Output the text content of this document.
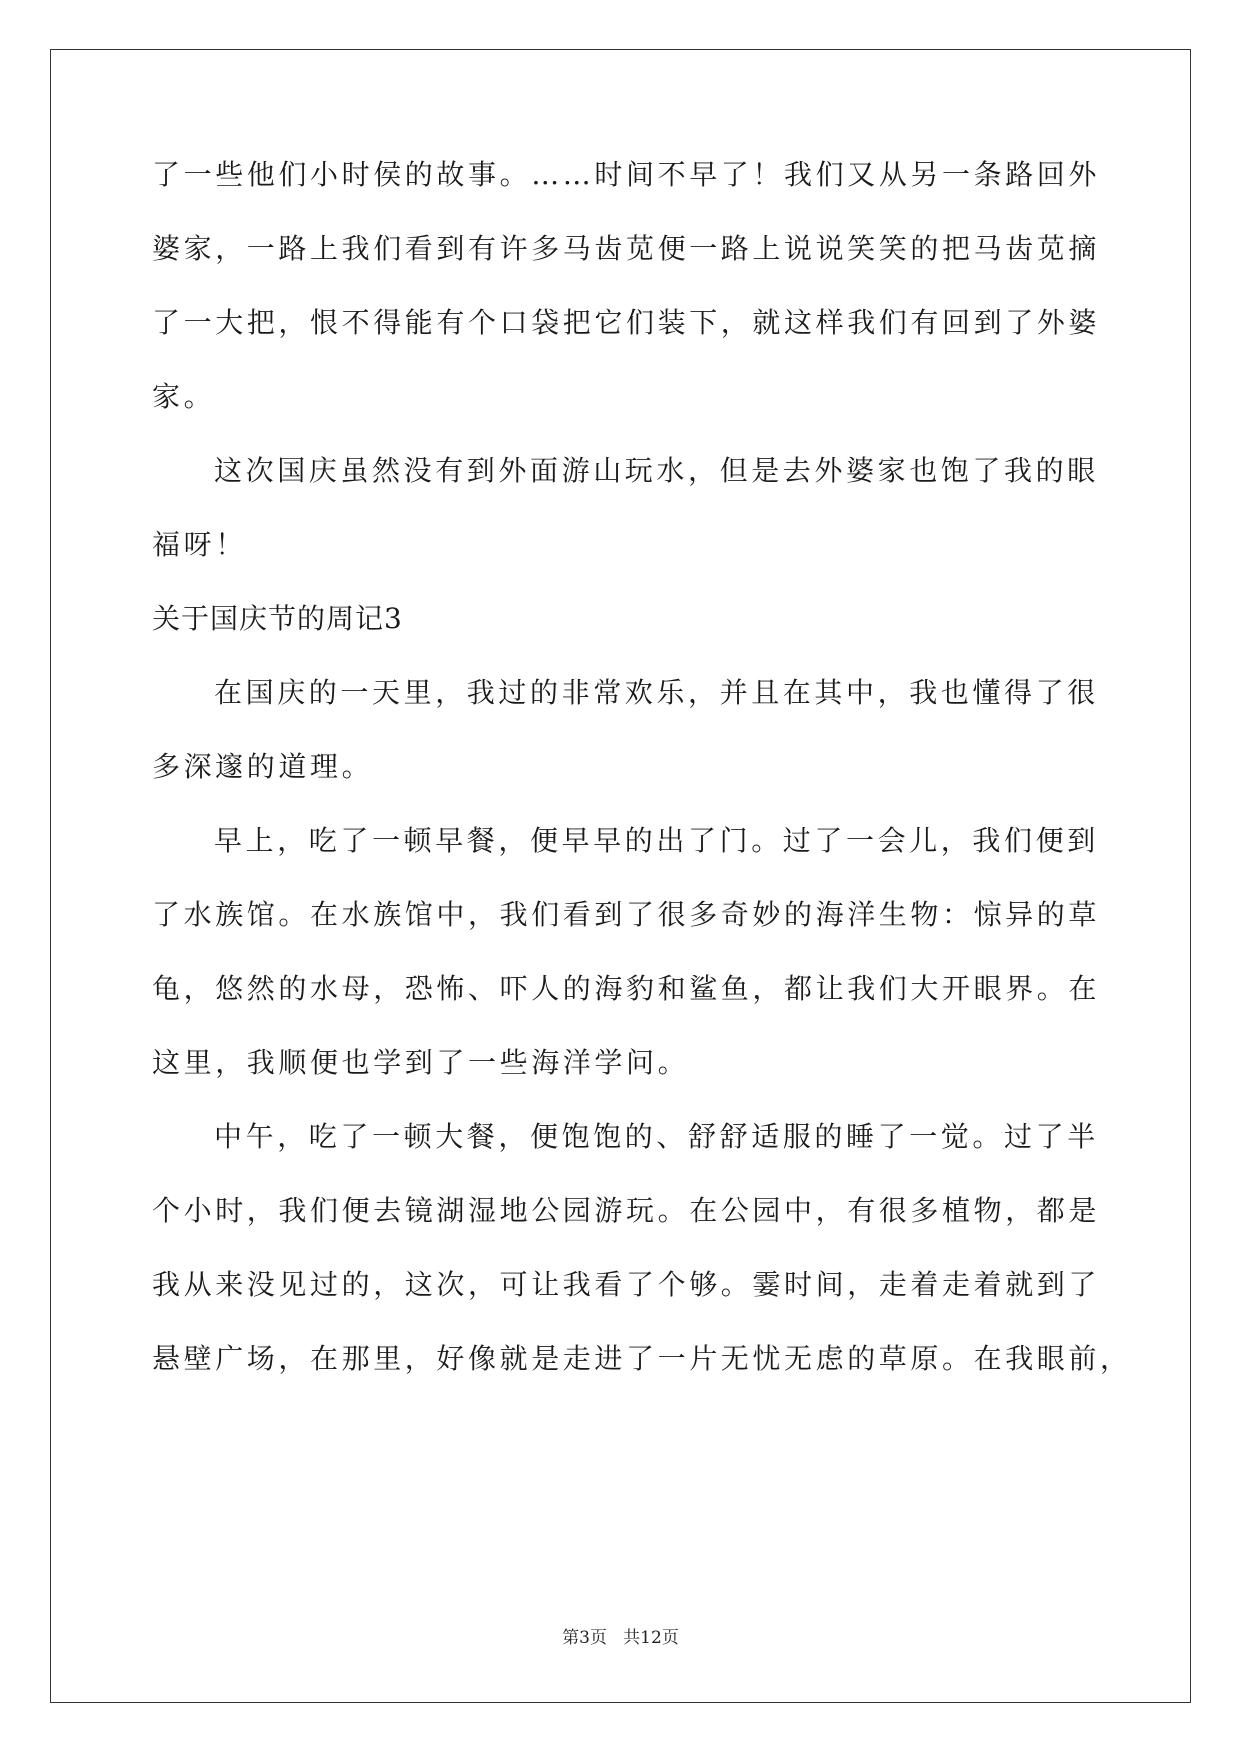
了一些他们小时侯的故事。……时间不早了！我们又从另一条路回外
婆家，一路上我们看到有许多马齿苋便一路上说说笑笑的把马齿苋摘
了一大把，恨不得能有个口袋把它们装下，就这样我们有回到了外婆
家。
这次国庆虽然没有到外面游山玩水，但是去外婆家也饱了我的眼
福呀！
关于国庆节的周记3
在国庆的一天里，我过的非常欢乐，并且在其中，我也懂得了很
多深邃的道理。
早上，吃了一顿早餐，便早早的出了门。过了一会儿，我们便到
了水族馆。在水族馆中，我们看到了很多奇妙的海洋生物：惊异的草
龟，悠然的水母，恐怖、吓人的海豹和鲨鱼，都让我们大开眼界。在
这里，我顺便也学到了一些海洋学问。
中午，吃了一顿大餐，便饱饱的、舒舒适服的睡了一觉。过了半
个小时，我们便去镜湖湿地公园游玩。在公园中，有很多植物，都是
我从来没见过的，这次，可让我看了个够。霎时间，走着走着就到了
悬壁广场，在那里，好像就是走进了一片无忧无虑的草原。在我眼前，
第3页   共12页
